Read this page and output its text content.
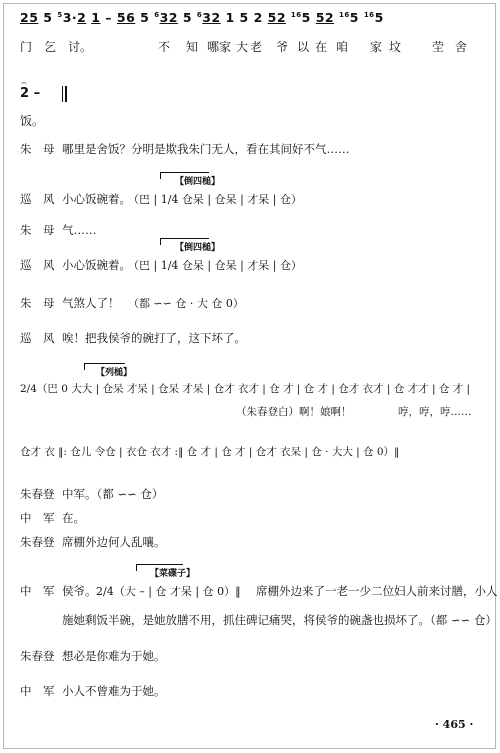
25 5 $^5$3·2 1 – 56 5 $^6$32 5 $^6$32 1 5 2 52 $^{16}$5 52 $^{16}$5 $^{16}$5
门 乞 讨。	不 知 哪家 大 老 爷 以 在 咱 家 坟	茔 舍
⌢
2 –
饭。
朱　母 哪里是舍饭？分明是欺我朱门无人，看在其间好不气……
【倒四槌】
巡　风 小心饭碗着。
（巴 | 1/4 仓呆 | 仓呆 | 才呆 | 仓）
朱　母 气……
【倒四槌】
巡　风 小心饭碗着。
（巴 | 1/4 仓呆 | 仓呆 | 才呆 | 仓）
朱　母 气煞人了！ （都 ∽∽ 仓 · 大 仓 0）
巡　风 唉！把我侯爷的碗打了，这下坏了。
【列槌】
2/4（巴 0 大大 | 仓呆 才呆 | 仓呆 才呆 | 仓才 衣才 | 仓 才 | 仓 才 | 仓才 衣才 | 仓 才才 | 仓 才 |
（朱春登白）啊！娘啊！	哼，哼，哼……
仓才 衣 ‖: 仓儿 令仓 | 衣仓 衣才 :‖ 仓 才 | 仓 才 | 仓才 衣呆 | 仓 · 大大 | 仓 0）‖
朱春登 中军。（都 ∽∽ 仓）
中　军 在。
朱春登 席棚外边何人乱嚷。
【菜碟子】
中　军 侯爷。 2/4（大 – | 仓 才呆 | 仓 0）‖ 席棚外边来了一老一少二位妇人前来讨膳，小人
施她剩饭半碗，是她放膳不用，抓住碑记痛哭，将侯爷的碗盏也损坏了。（都 ∽∽ 仓）
朱春登 想必是你难为于她。
中　军 小人不曾难为于她。
· 465 ·
